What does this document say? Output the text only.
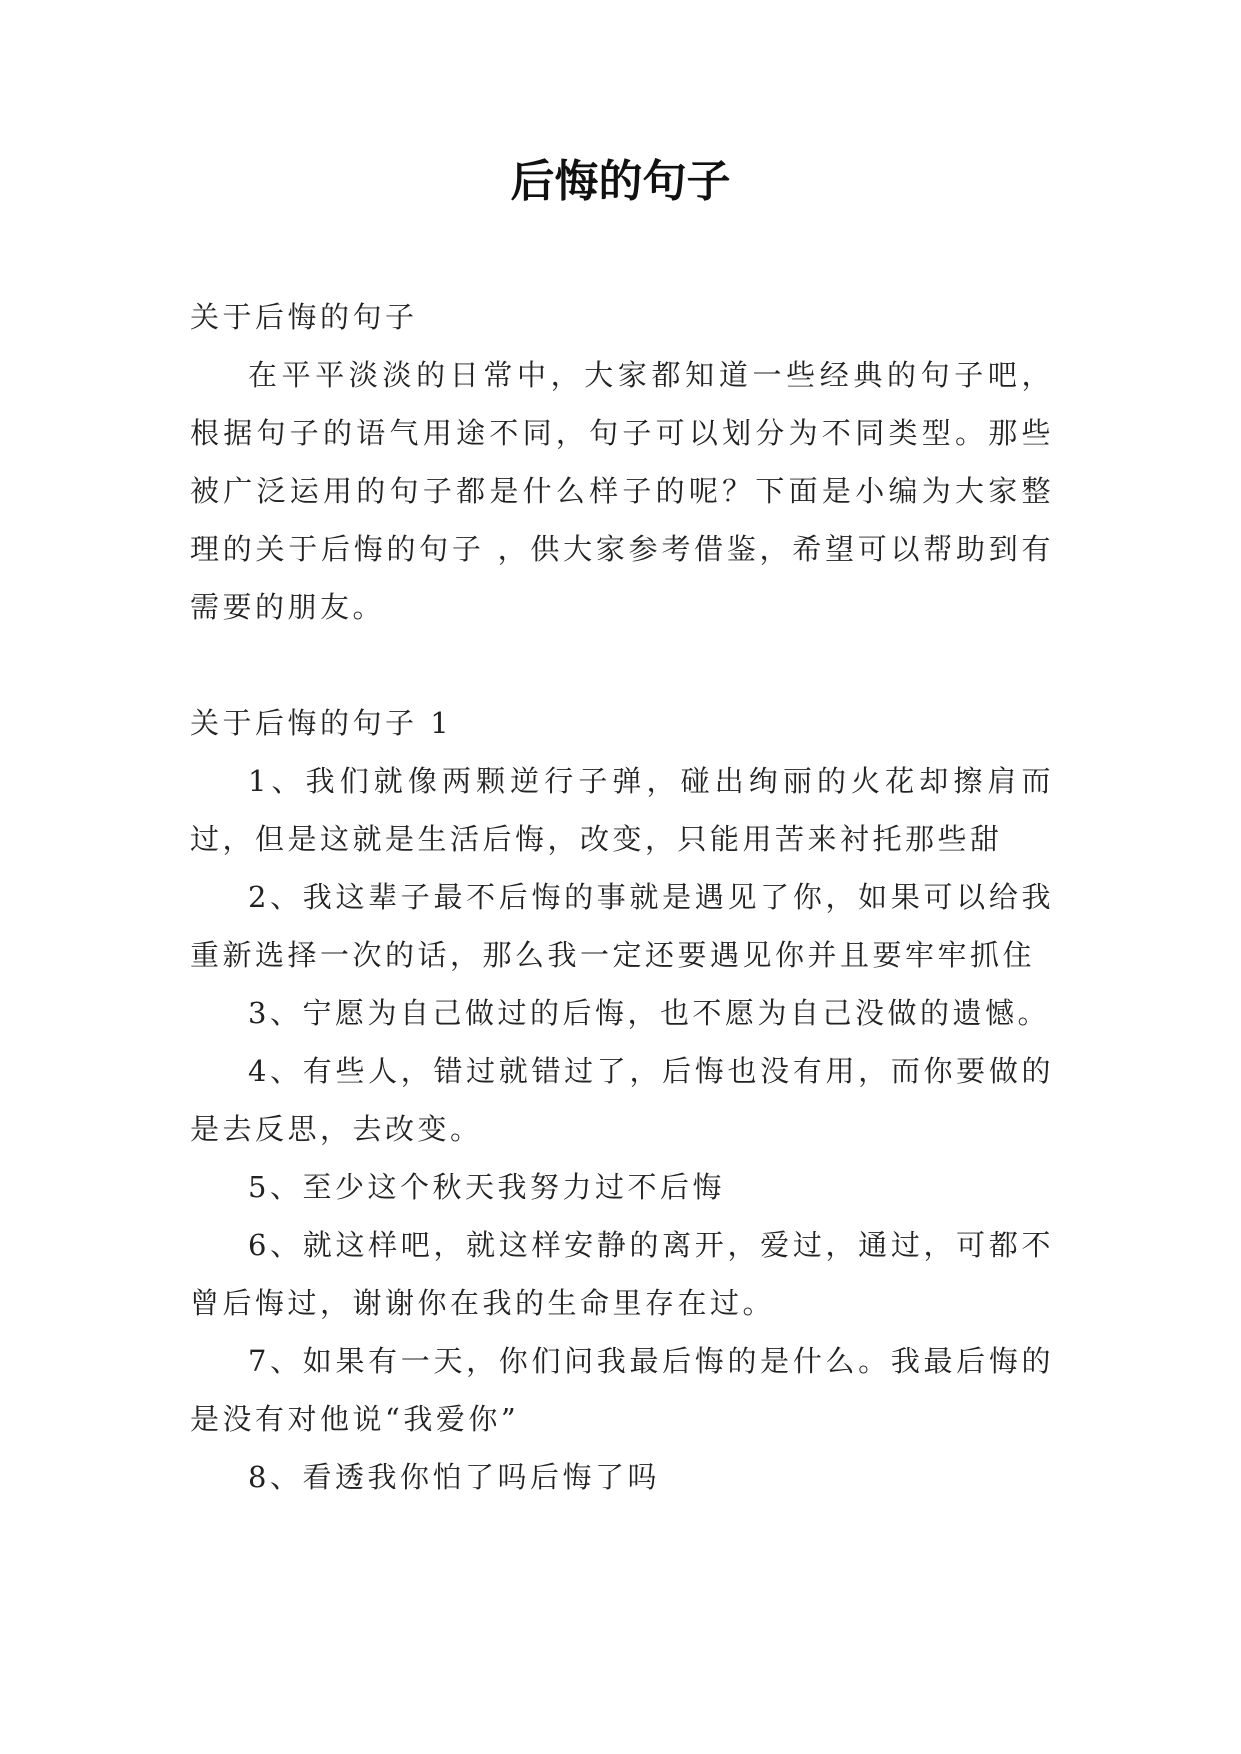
后悔的句子

关于后悔的句子

在平平淡淡的日常中，大家都知道一些经典的句子吧，根据句子的语气用途不同，句子可以划分为不同类型。那些被广泛运用的句子都是什么样子的呢？下面是小编为大家整理的关于后悔的句子 ，供大家参考借鉴，希望可以帮助到有需要的朋友。

关于后悔的句子 1

1、我们就像两颗逆行子弹，碰出绚丽的火花却擦肩而过，但是这就是生活后悔，改变，只能用苦来衬托那些甜

2、我这辈子最不后悔的事就是遇见了你，如果可以给我重新选择一次的话，那么我一定还要遇见你并且要牢牢抓住

3、宁愿为自己做过的后悔，也不愿为自己没做的遗憾。

4、有些人，错过就错过了，后悔也没有用，而你要做的是去反思，去改变。

5、至少这个秋天我努力过不后悔

6、就这样吧，就这样安静的离开，爱过，通过，可都不曾后悔过，谢谢你在我的生命里存在过。

7、如果有一天，你们问我最后悔的是什么。我最后悔的是没有对他说“我爱你”

8、看透我你怕了吗后悔了吗
